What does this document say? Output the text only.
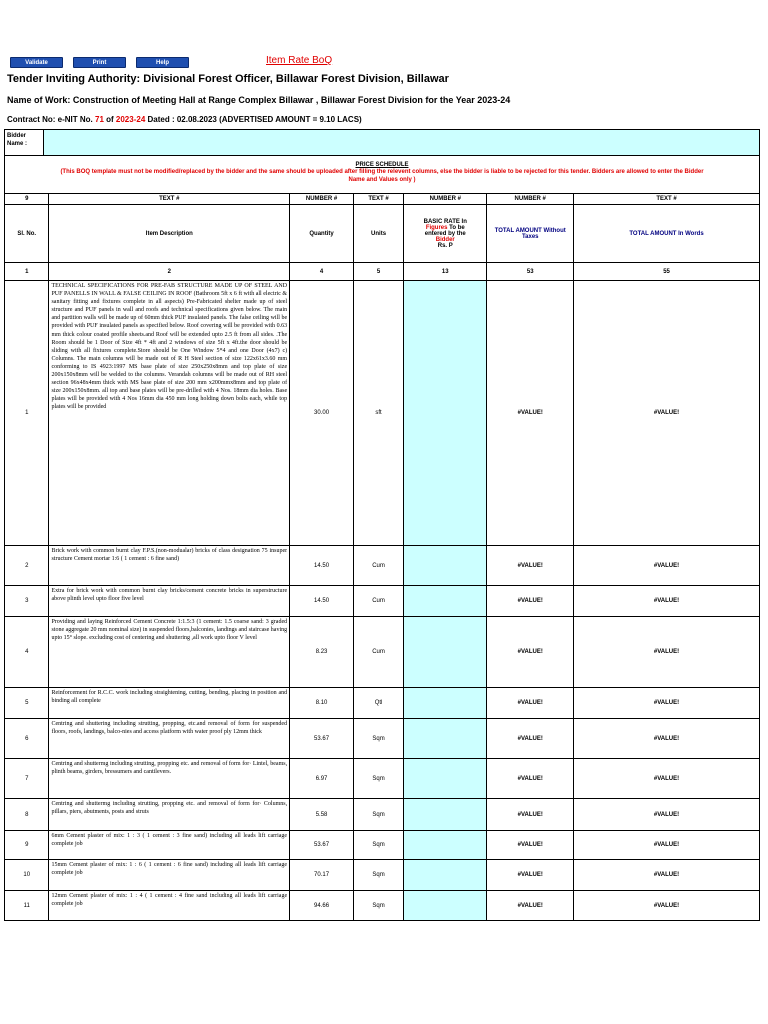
Validate	Print	Help	Item Rate BoQ
Tender Inviting Authority: Divisional Forest Officer, Billawar Forest Division, Billawar
Name of Work: Construction of Meeting Hall at Range Complex Billawar , Billawar Forest Division for the Year 2023-24
Contract No: e-NIT No. 71 of 2023-24 Dated : 02.08.2023 (ADVERTISED AMOUNT = 9.10 LACS)
Bidder Name :
PRICE SCHEDULE
(This BOQ template must not be modified/replaced by the bidder and the same should be uploaded after filling the relevent columns, else the bidder is liable to be rejected for this tender. Bidders are allowed to enter the Bidder Name and Values only )
9	TEXT #	NUMBER #	TEXT #	NUMBER #	NUMBER #	TEXT #
Sl. No.	Item Description	Quantity	Units	BASIC RATE In
Figures To be
entered by the
Bidder
Rs. P	TOTAL AMOUNT Without Taxes	TOTAL AMOUNT In Words
1	2	4	5	13	53	55
1	TECHNICAL SPECIFICATIONS FOR PRE-FAB STRUCTURE MADE UP OF STEEL AND PUF PANELLS IN WALL & FALSE CEILING IN ROOF (Bathroom 5ft x 6 ft with all electric & sanitary fitting and fixtures complete in all aspects) Pre-Fabricated shelter made up of steel structure and PUF panels in wall and roofs and technical specifications given below. The main and partition walls will be made up of 60mm thick PUF insulated panels. The false ceiling will be provided with PUF insulated panels as specified below. Roof covering will be provided with 0.63 mm thick colour coated profile sheets.and Roof will be extended upto 2.5 ft from all sides. .The Room should be 1 Door of Size 4ft * 4ft and 2 windows of size 5ft x 4ft.the door should be sliding with all fixtures complete.Store should be One Window 5*4 and one Door (4x7) c) Columns. The main columns will be made out of R H Steel section of size 122x61x3.60 mm conforming to IS 4923:1997 MS base plate of size 250x250x8mm and top plate of size 200x150x8mm will be welded to the columns. Verandah columns will be made out of RH steel section 96x48x4mm thick with MS base plate of size 200 mm x200mmx8mm and top plate of size 200x150x8mm. all top and base plates will be pre-drilled with 4 Nos. 18mm dia holes. Base plates will be provided with 4 Nos 16mm dia 450 mm long holding down bolts each, while top plates will be provided	30.00	sft		#VALUE!	#VALUE!
2	Brick work with common burnt clay F.P.S.(non-modualar) bricks of class designation 75 insuper structure Cement mortar 1:6 ( 1 cement : 6 fine sand)	14.50	Cum		#VALUE!	#VALUE!
3	Extra for brick work with common burnt clay bricks/cement concrete bricks in superstructure above plinth level upto floor five level	14.50	Cum		#VALUE!	#VALUE!
4	Providing and laying Reinforced Cement Concrete 1:1.5:3 (1 cement: 1.5 coarse sand: 3 graded stone aggregate 20 mm nominal size) in suspended floors,balconies, landings and staircase having upto 15° slope. excluding cost of centering and shuttering ,all work upto floor V level	8.23	Cum		#VALUE!	#VALUE!
5	Reinforcement for R.C.C. work including straightening, cutting, bending, placing in position and binding all complete	8.10	Qtl		#VALUE!	#VALUE!
6	Centring and shuttering including strutting, propping, etc.and removal of form for suspended floors, roofs, landings, balco-nies and access platform with water proof ply 12mm thick	53.67	Sqm		#VALUE!	#VALUE!
7	Centring and shuttermg including strutting, propping etc. and removal of form for· Lintel, beams, plinth beams, girders, bressumers and cantilevers.	6.97	Sqm		#VALUE!	#VALUE!
8	Centring and shuttermg including strutting, propping etc. and removal of form for· Columns, pillars, piers, abutments, posts and struts	5.58	Sqm		#VALUE!	#VALUE!
9	6mm Cement plaster of mix: 1 : 3 ( 1 cement : 3 fine sand) including all leads lift carriage complete job	53.67	Sqm		#VALUE!	#VALUE!
10	15mm Cement plaster of mix: 1 : 6 ( 1 cement : 6 fine sand) including all leads lift carriage complete job	70.17	Sqm		#VALUE!	#VALUE!
11	12mm Cement plaster of mix: 1 : 4 ( 1 cement : 4 fine sand including all leads lift carriage complete job	94.66	Sqm		#VALUE!	#VALUE!
